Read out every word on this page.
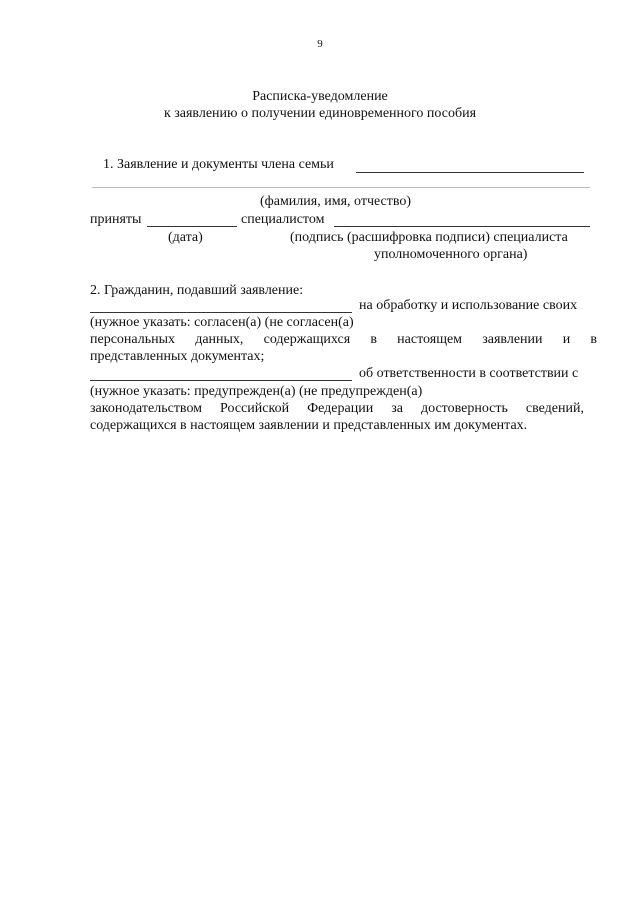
9
Расписка-уведомление
к заявлению о получении единовременного пособия
1. Заявление и документы члена семьи
(фамилия, имя, отчество)
приняты	специалистом
(дата)	(подпись (расшифровка подписи) специалиста
уполномоченного органа)
2. Гражданин, подавший заявление:
на обработку и использование своих
(нужное указать: согласен(а) (не согласен(а)
персональных данных, содержащихся в настоящем заявлении и в
представленных документах;
об ответственности в соответствии с
(нужное указать: предупрежден(а) (не предупрежден(а)
законодательством Российской Федерации за достоверность сведений,
содержащихся в настоящем заявлении и представленных им документах.
